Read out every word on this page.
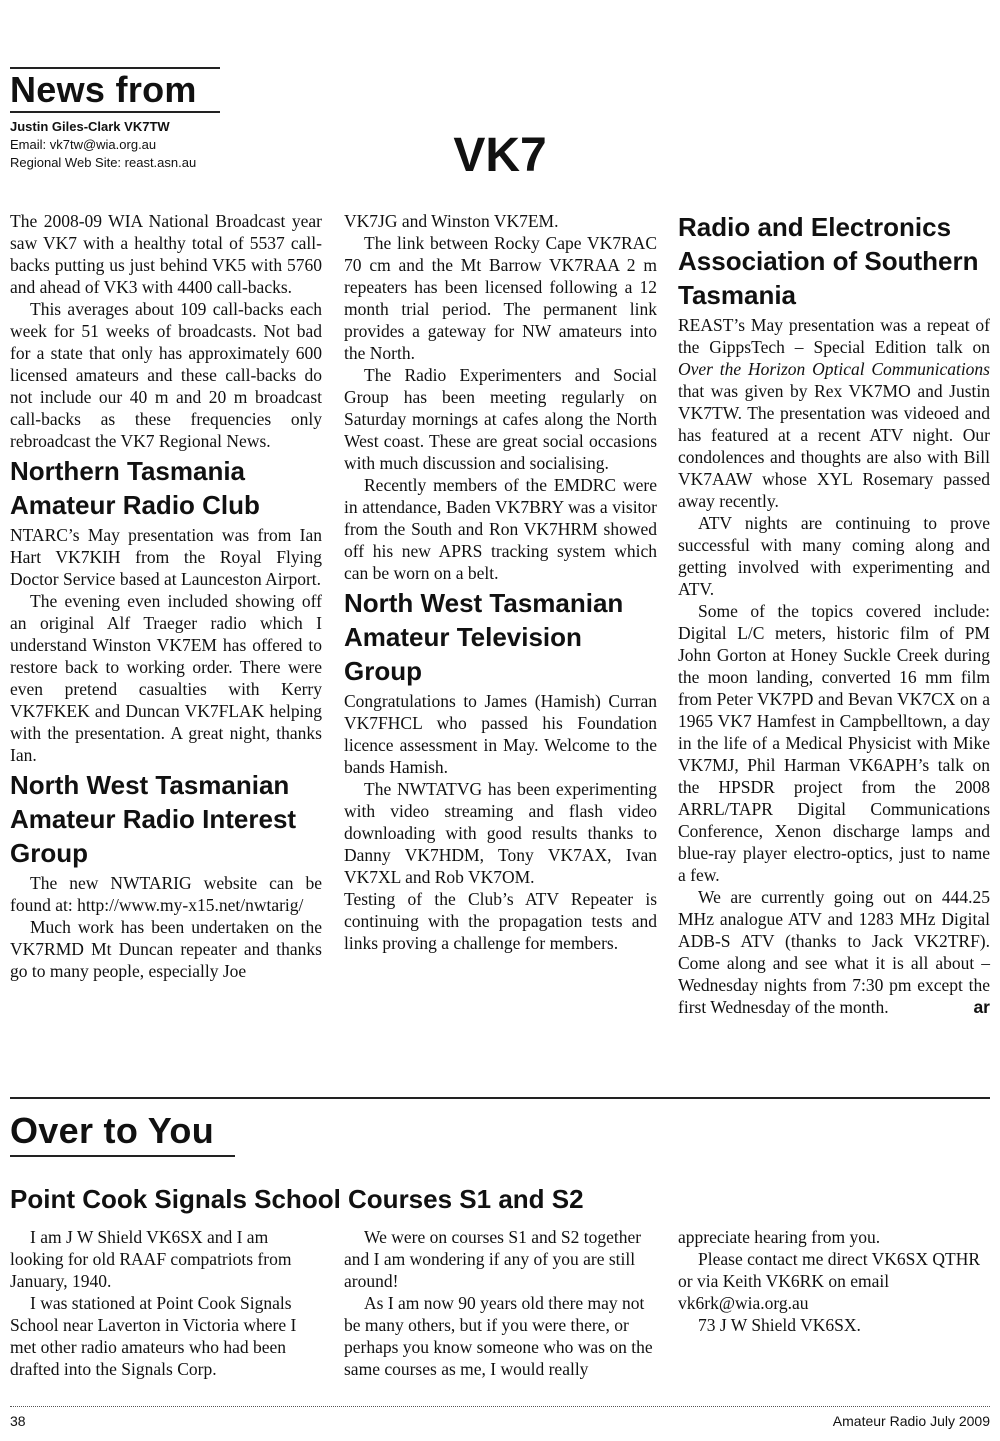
News from
Justin Giles-Clark VK7TW
Email: vk7tw@wia.org.au
Regional Web Site: reast.asn.au	VK7

The 2008-09 WIA National Broadcast year saw VK7 with a healthy total of 5537 call-backs putting us just behind VK5 with 5760 and ahead of VK3 with 4400 call-backs.

This averages about 109 call-backs each week for 51 weeks of broadcasts. Not bad for a state that only has approximately 600 licensed amateurs and these call-backs do not include our 40 m and 20 m broadcast call-backs as these frequencies only rebroadcast the VK7 Regional News.

Northern Tasmania Amateur Radio Club

NTARC’s May presentation was from Ian Hart VK7KIH from the Royal Flying Doctor Service based at Launceston Airport.

The evening even included showing off an original Alf Traeger radio which I understand Winston VK7EM has offered to restore back to working order. There were even pretend casualties with Kerry VK7FKEK and Duncan VK7FLAK helping with the presentation. A great night, thanks Ian.

North West Tasmanian Amateur Radio Interest Group

The new NWTARIG website can be found at: http://www.my-x15.net/nwtarig/

Much work has been undertaken on the VK7RMD Mt Duncan repeater and thanks go to many people, especially Joe

VK7JG and Winston VK7EM.

The link between Rocky Cape VK7RAC 70 cm and the Mt Barrow VK7RAA 2 m repeaters has been licensed following a 12 month trial period. The permanent link provides a gateway for NW amateurs into the North.

The Radio Experimenters and Social Group has been meeting regularly on Saturday mornings at cafes along the North West coast. These are great social occasions with much discussion and socialising.

Recently members of the EMDRC were in attendance, Baden VK7BRY was a visitor from the South and Ron VK7HRM showed off his new APRS tracking system which can be worn on a belt.

North West Tasmanian Amateur Television Group

Congratulations to James (Hamish) Curran VK7FHCL who passed his Foundation licence assessment in May. Welcome to the bands Hamish.

The NWTATVG has been experimenting with video streaming and flash video downloading with good results thanks to Danny VK7HDM, Tony VK7AX, Ivan VK7XL and Rob VK7OM.

Testing of the Club’s ATV Repeater is continuing with the propagation tests and links proving a challenge for members.

Radio and Electronics Association of Southern Tasmania

REAST’s May presentation was a repeat of the GippsTech – Special Edition talk on Over the Horizon Optical Communications that was given by Rex VK7MO and Justin VK7TW. The presentation was videoed and has featured at a recent ATV night. Our condolences and thoughts are also with Bill VK7AAW whose XYL Rosemary passed away recently.

ATV nights are continuing to prove successful with many coming along and getting involved with experimenting and ATV.

Some of the topics covered include: Digital L/C meters, historic film of PM John Gorton at Honey Suckle Creek during the moon landing, converted 16 mm film from Peter VK7PD and Bevan VK7CX on a 1965 VK7 Hamfest in Campbelltown, a day in the life of a Medical Physicist with Mike VK7MJ, Phil Harman VK6APH’s talk on the HPSDR project from the 2008 ARRL/TAPR Digital Communications Conference, Xenon discharge lamps and blue-ray player electro-optics, just to name a few.

We are currently going out on 444.25 MHz analogue ATV and 1283 MHz Digital ADB-S ATV (thanks to Jack VK2TRF). Come along and see what it is all about – Wednesday nights from 7:30 pm except the first Wednesday of the month.	ar

Over to You
Point Cook Signals School Courses S1 and S2

I am J W Shield VK6SX and I am looking for old RAAF compatriots from January, 1940.

I was stationed at Point Cook Signals School near Laverton in Victoria where I met other radio amateurs who had been drafted into the Signals Corp.

We were on courses S1 and S2 together and I am wondering if any of you are still around!

As I am now 90 years old there may not be many others, but if you were there, or perhaps you know someone who was on the same courses as me, I would really

appreciate hearing from you.

Please contact me direct VK6SX QTHR or via Keith VK6RK on email vk6rk@wia.org.au

73 J W Shield VK6SX.

38	Amateur Radio July 2009
